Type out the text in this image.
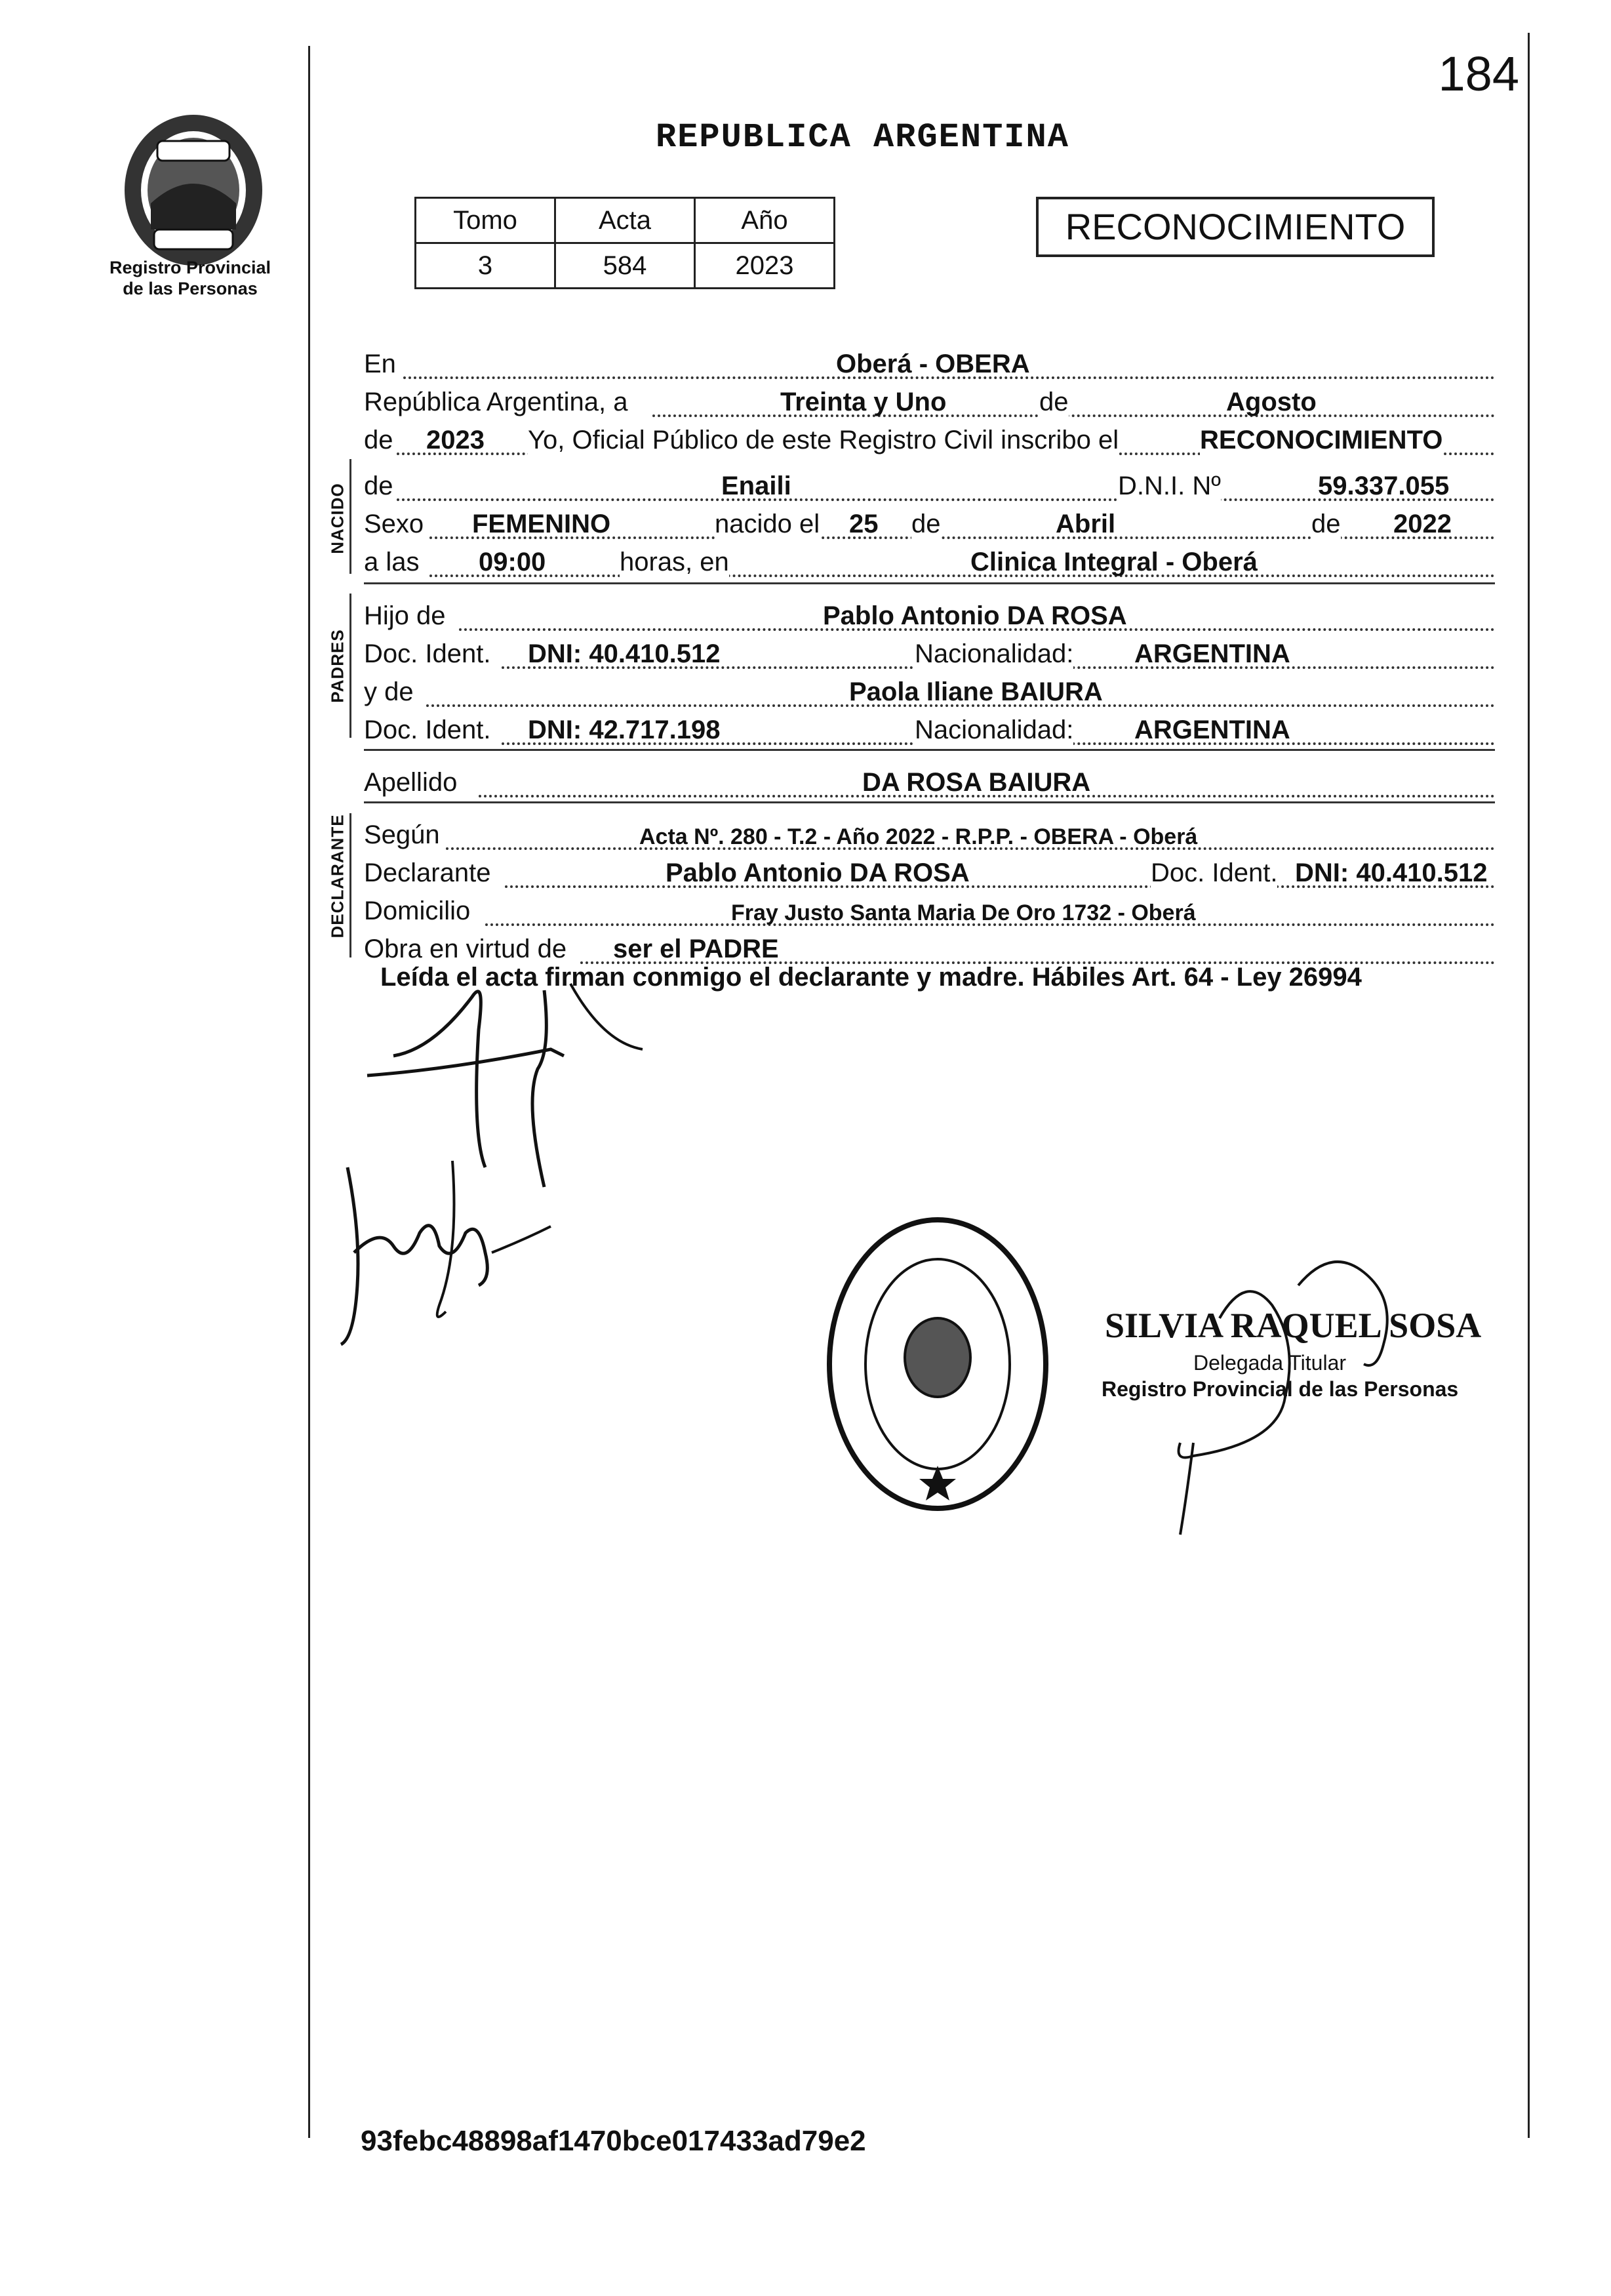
Registro Provincial
de las Personas
184
REPUBLICA ARGENTINA
Tomo	Acta	Año
3	584	2023
RECONOCIMIENTO
En	Oberá - OBERA
República Argentina, a	Treinta y Uno	de	Agosto
de 2023 Yo, Oficial Público de este Registro Civil inscribo el	RECONOCIMIENTO
NACIDO de	Enaili	D.N.I. Nº	59.337.055
Sexo FEMENINO	nacido el 25 de	Abril	de 2022
a las 09:00	horas, en	Clinica Integral - Oberá
PADRES
Hijo de	Pablo Antonio DA ROSA
Doc. Ident. DNI: 40.410.512	Nacionalidad: ARGENTINA
y de	Paola Iliane BAIURA
Doc. Ident. DNI: 42.717.198	Nacionalidad: ARGENTINA
Apellido	DA ROSA BAIURA
DECLARANTE Según	Acta Nº. 280 - T.2 - Año 2022 - R.P.P. - OBERA - Oberá
Declarante	Pablo Antonio DA ROSA	Doc. Ident. DNI: 40.410.512
Domicilio	Fray Justo Santa Maria De Oro 1732 - Oberá
Obra en virtud de ser el PADRE
Leída el acta firman conmigo el declarante y madre. Hábiles Art. 64 - Ley 26994
SILVIA RAQUEL SOSA
Delegada Titular
Registro Provincial de las Personas
93febc48898af1470bce017433ad79e2
